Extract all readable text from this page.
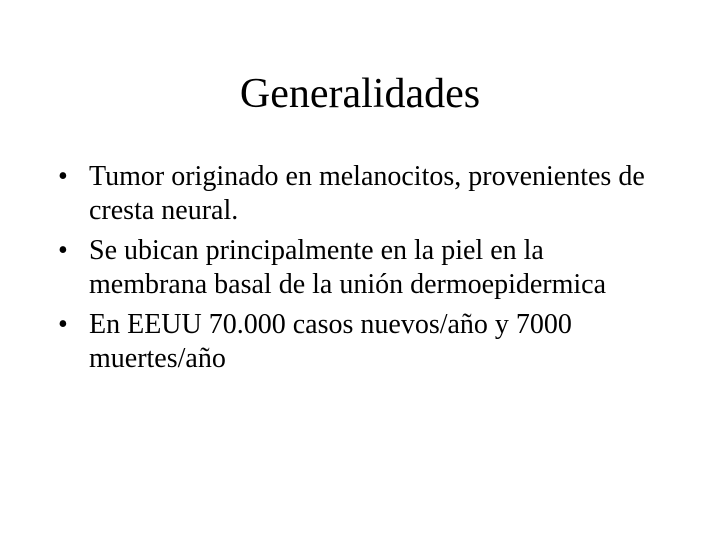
Generalidades
• Tumor originado en melanocitos, provenientes de cresta neural.
• Se ubican principalmente en la piel en la membrana basal de la unión dermoepidermica
• En EEUU 70.000 casos nuevos/año y 7000 muertes/año
